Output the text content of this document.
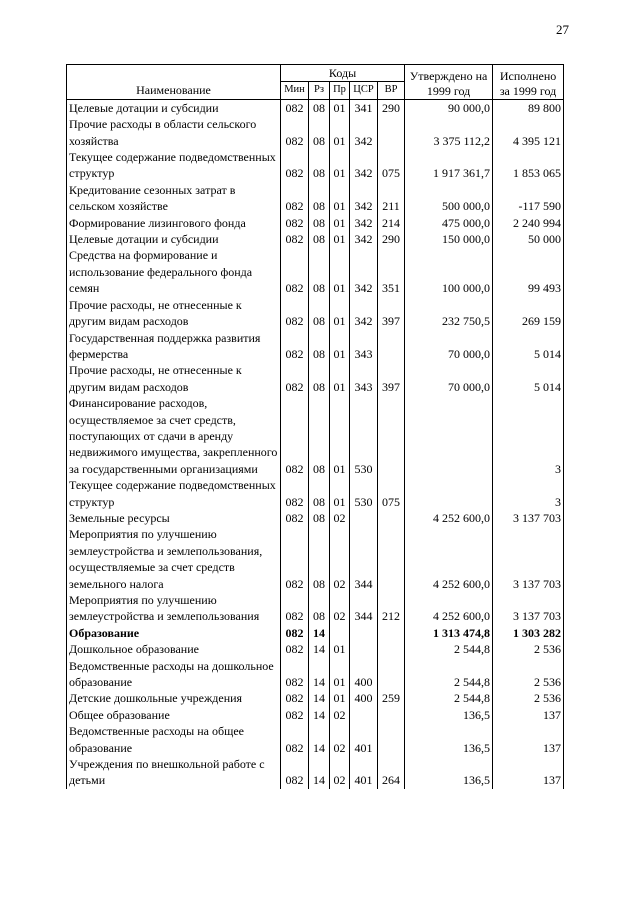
27
Наименование	Коды					Утверждено на 1999 год	Исполнено за 1999 год
	Мин	Рз	Пр	ЦСР	ВР		
Целевые дотации и субсидии	082	08	01	341	290	90 000,0	89 800
Прочие расходы в области сельского хозяйства	082	08	01	342		3 375 112,2	4 395 121
Текущее содержание подведомственных структур	082	08	01	342	075	1 917 361,7	1 853 065
Кредитование сезонных затрат в сельском хозяйстве	082	08	01	342	211	500 000,0	-117 590
Формирование лизингового фонда	082	08	01	342	214	475 000,0	2 240 994
Целевые дотации и субсидии	082	08	01	342	290	150 000,0	50 000
Средства на формирование и использование федерального фонда семян	082	08	01	342	351	100 000,0	99 493
Прочие расходы, не отнесенные к другим видам расходов	082	08	01	342	397	232 750,5	269 159
Государственная поддержка развития фермерства	082	08	01	343		70 000,0	5 014
Прочие расходы, не отнесенные к другим видам расходов	082	08	01	343	397	70 000,0	5 014
Финансирование расходов, осуществляемое за счет средств, поступающих от сдачи в аренду недвижимого имущества, закрепленного за государственными организациями	082	08	01	530			3
Текущее содержание подведомственных структур	082	08	01	530	075		3
Земельные ресурсы	082	08	02			4 252 600,0	3 137 703
Мероприятия по улучшению землеустройства и землепользования, осуществляемые за счет средств земельного налога	082	08	02	344		4 252 600,0	3 137 703
Мероприятия по улучшению землеустройства и землепользования	082	08	02	344	212	4 252 600,0	3 137 703
Образование	082	14				1 313 474,8	1 303 282
Дошкольное образование	082	14	01			2 544,8	2 536
Ведомственные расходы на дошкольное образование	082	14	01	400		2 544,8	2 536
Детские дошкольные учреждения	082	14	01	400	259	2 544,8	2 536
Общее образование	082	14	02			136,5	137
Ведомственные расходы на общее образование	082	14	02	401		136,5	137
Учреждения по внешкольной работе с детьми	082	14	02	401	264	136,5	137
